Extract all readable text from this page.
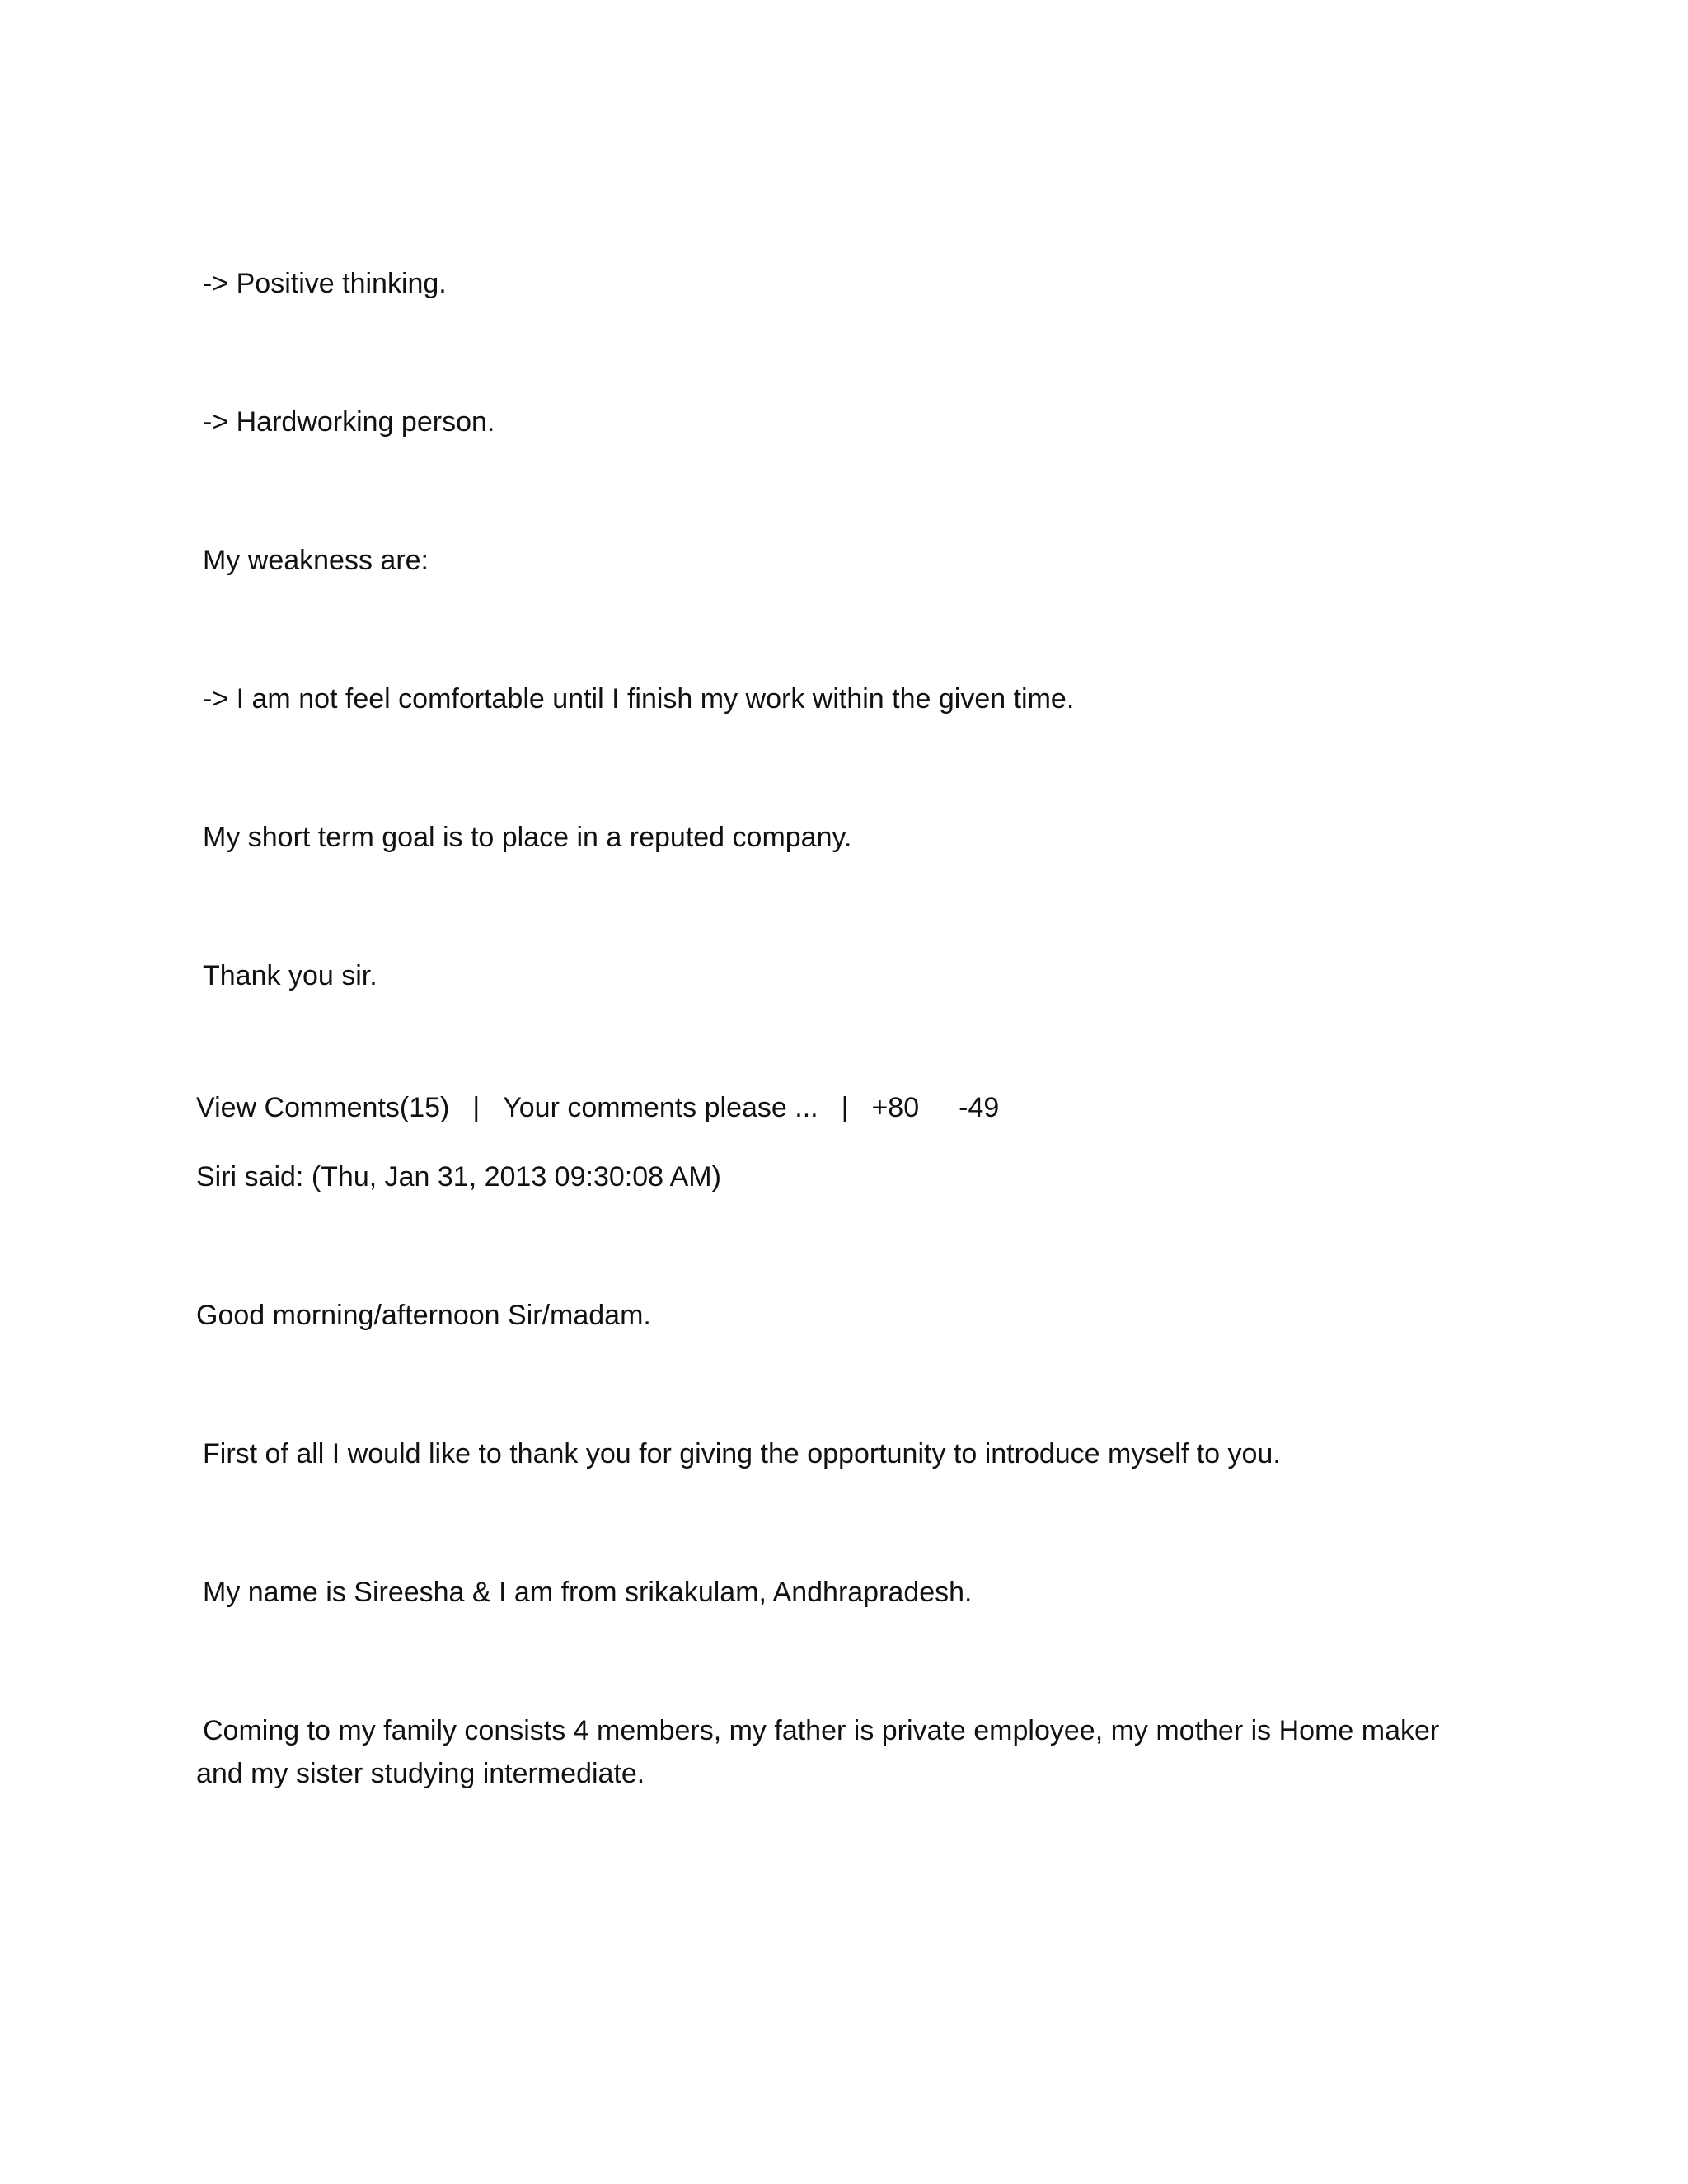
-> Positive thinking.
-> Hardworking person.
My weakness are:
-> I am not feel comfortable until I finish my work within the given time.
My short term goal is to place in a reputed company.
Thank you sir.
View Comments(15) | Your comments please ... | +80 -49
Siri said: (Thu, Jan 31, 2013 09:30:08 AM)
Good morning/afternoon Sir/madam.
First of all I would like to thank you for giving the opportunity to introduce myself to you.
My name is Sireesha & I am from srikakulam, Andhrapradesh.
Coming to my family consists 4 members, my father is private employee, my mother is Home maker and my sister studying intermediate.
